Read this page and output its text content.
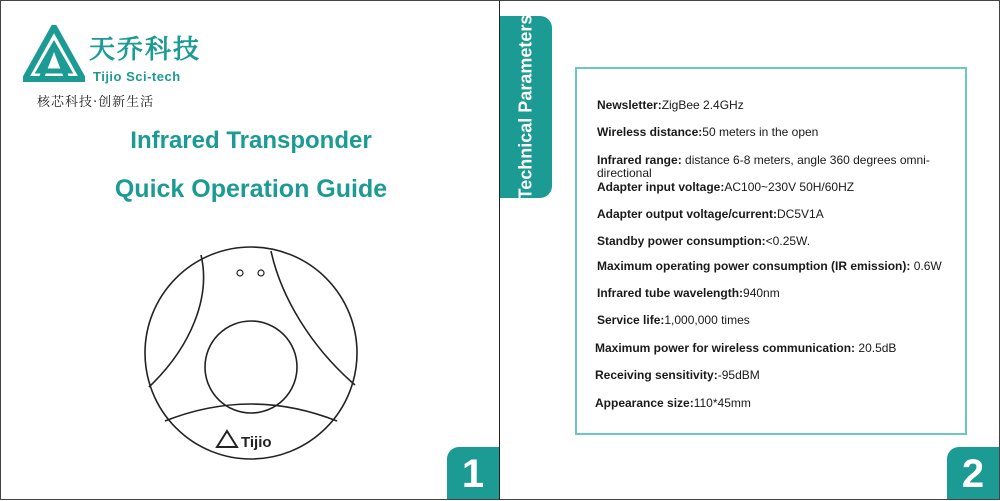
天乔科技
Tijio Sci-tech
核芯科技·创新生活
Infrared Transponder
Quick Operation Guide
Tijio
1
Technical Parameters	Newsletter:ZigBee 2.4GHz
Wireless distance:50 meters in the open
Infrared range: distance 6-8 meters, angle 360 degrees omni-directional
Adapter input voltage:AC100~230V 50H/60HZ
Adapter output voltage/current:DC5V1A
Standby power consumption:<0.25W.
Maximum operating power consumption (IR emission): 0.6W
Infrared tube wavelength:940nm
Service life:1,000,000 times
Maximum power for wireless communication: 20.5dB
Receiving sensitivity:-95dBM
Appearance size:110*45mm
2
